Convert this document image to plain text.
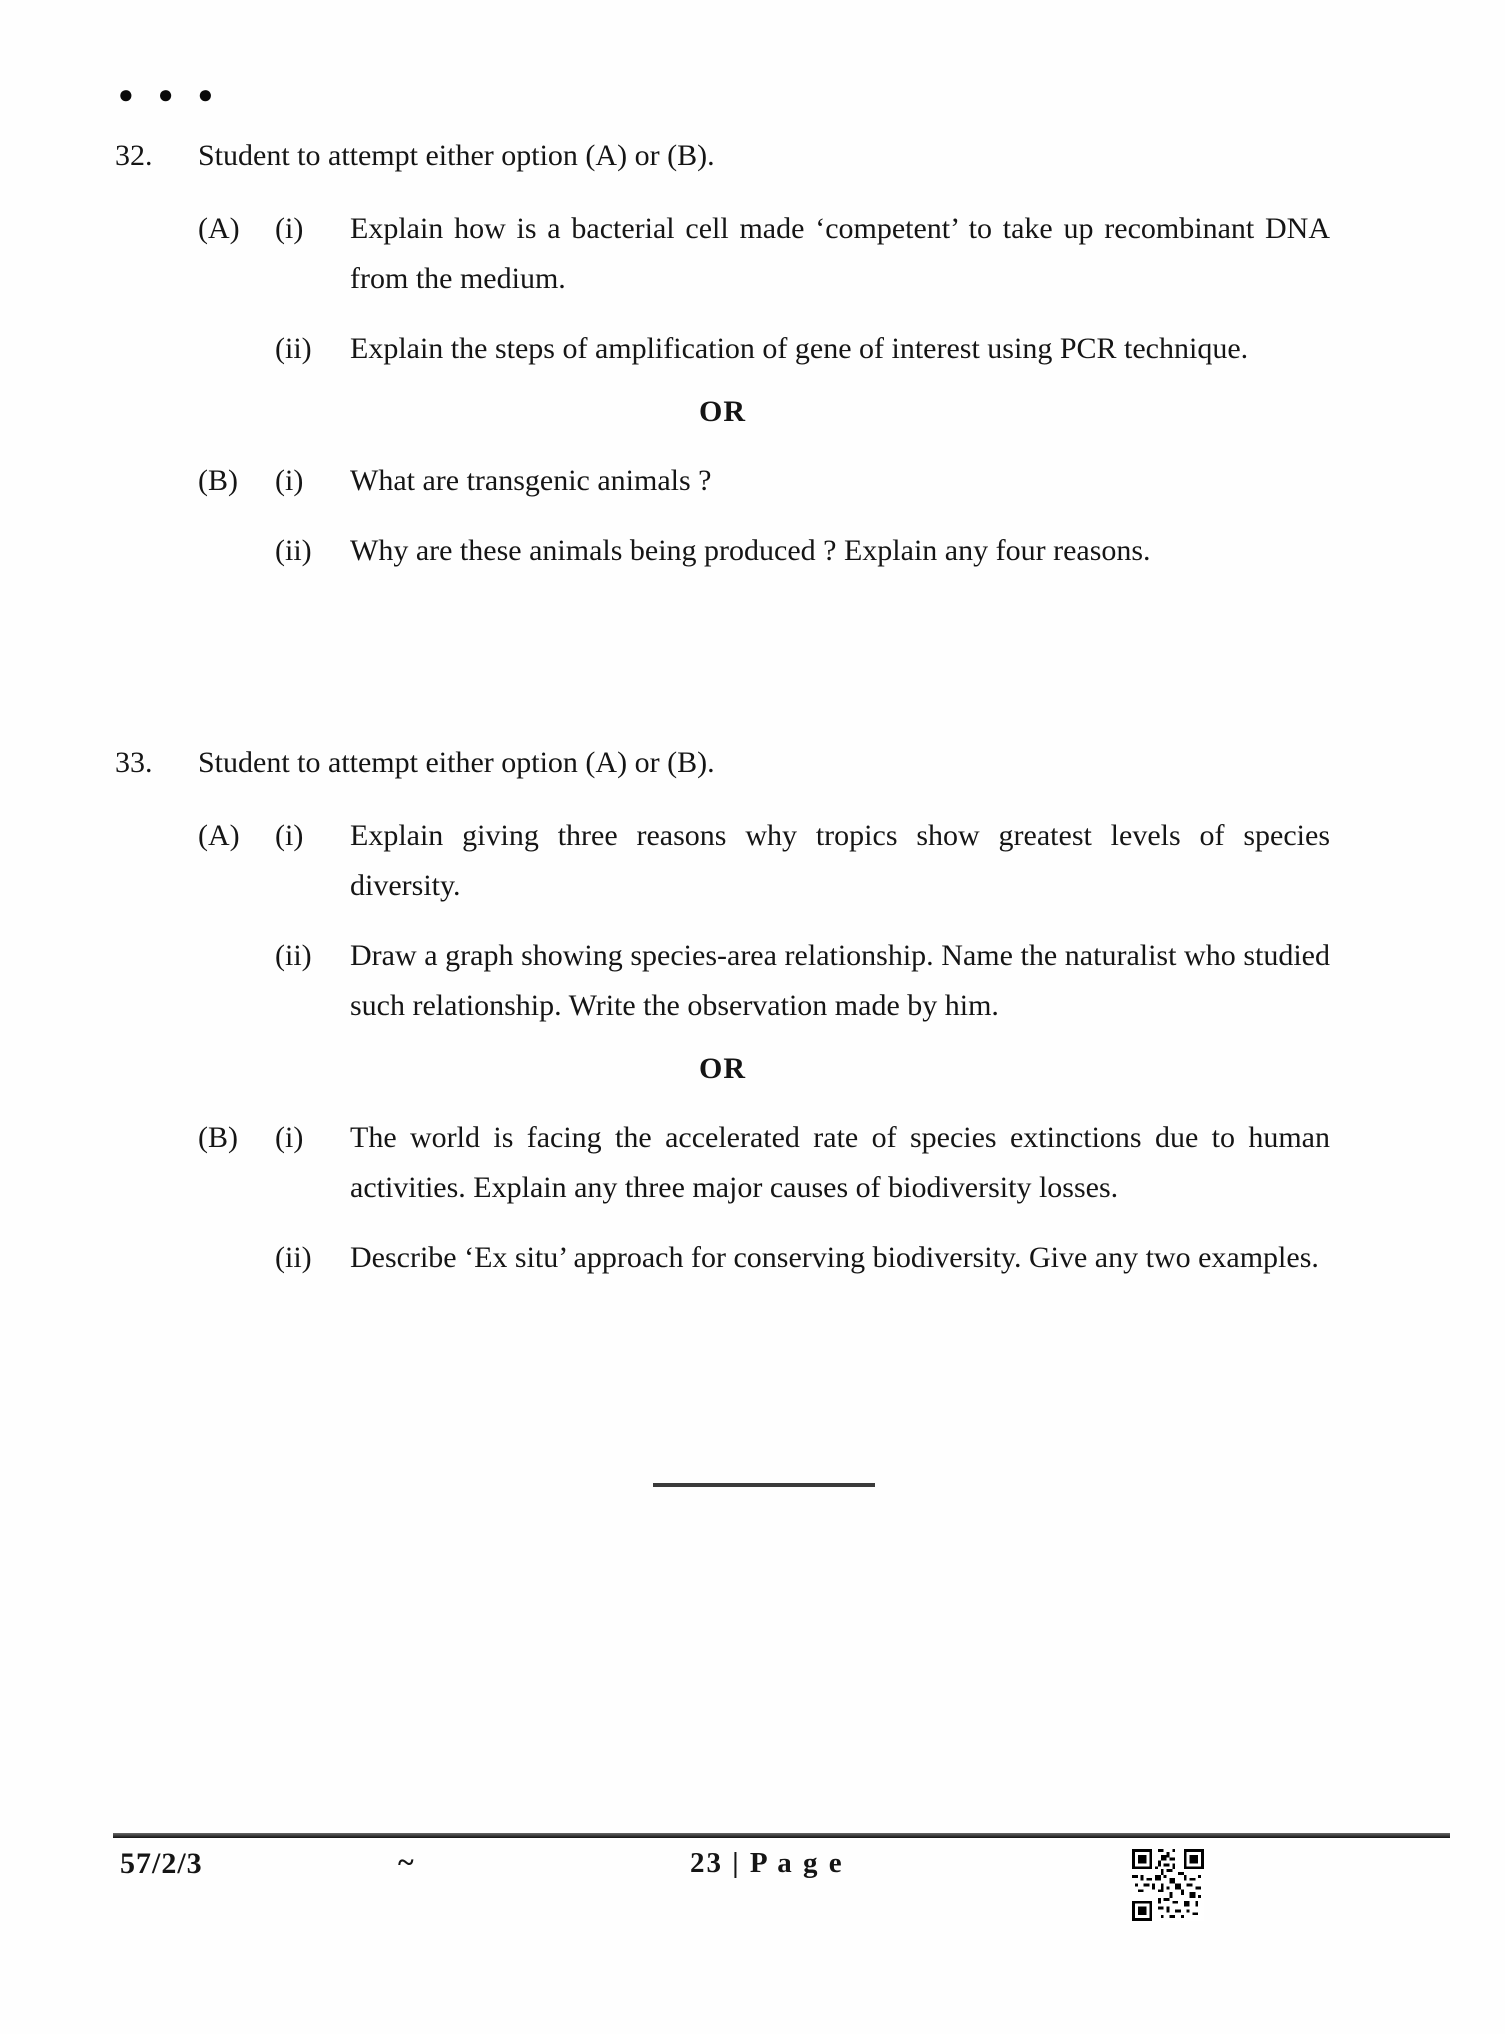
● ● ●
32.	Student to attempt either option (A) or (B).
(A)	(i)	Explain how is a bacterial cell made ‘competent’ to take up recombinant DNA from the medium.
(ii)	Explain the steps of amplification of gene of interest using PCR technique.
OR
(B)	(i)	What are transgenic animals ?
(ii)	Why are these animals being produced ? Explain any four reasons.
33.	Student to attempt either option (A) or (B).
(A)	(i)	Explain giving three reasons why tropics show greatest levels of species diversity.
(ii)	Draw a graph showing species-area relationship. Name the naturalist who studied such relationship. Write the observation made by him.
OR
(B)	(i)	The world is facing the accelerated rate of species extinctions due to human activities. Explain any three major causes of biodiversity losses.
(ii)	Describe ‘Ex situ’ approach for conserving biodiversity. Give any two examples.
57/2/3	~	23 | P a g e
